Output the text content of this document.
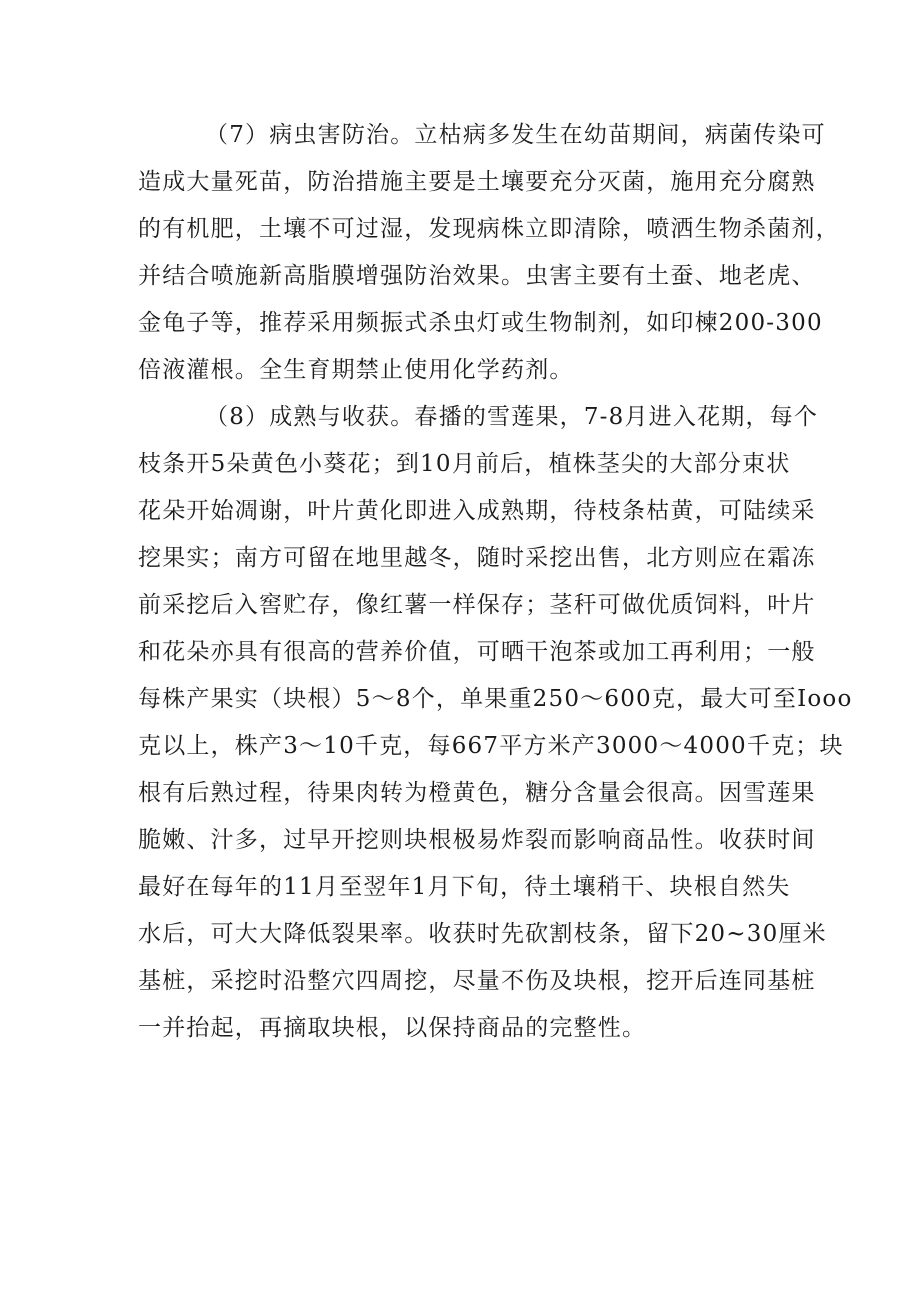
（7）病虫害防治。立枯病多发生在幼苗期间，病菌传染可
造成大量死苗，防治措施主要是土壤要充分灭菌，施用充分腐熟
的有机肥，土壤不可过湿，发现病株立即清除，喷洒生物杀菌剂，
并结合喷施新高脂膜增强防治效果。虫害主要有土蚕、地老虎、
金龟子等，推荐采用频振式杀虫灯或生物制剂，如印楝200-300
倍液灌根。全生育期禁止使用化学药剂。
（8）成熟与收获。春播的雪莲果，7-8月进入花期，每个
枝条开5朵黄色小葵花；到10月前后，植株茎尖的大部分束状
花朵开始凋谢，叶片黄化即进入成熟期，待枝条枯黄，可陆续采
挖果实；南方可留在地里越冬，随时采挖出售，北方则应在霜冻
前采挖后入窖贮存，像红薯一样保存；茎秆可做优质饲料，叶片
和花朵亦具有很高的营养价值，可晒干泡茶或加工再利用；一般
每株产果实（块根）5～8个，单果重250～600克，最大可至Iooo
克以上，株产3～10千克，每667平方米产3000～4000千克；块
根有后熟过程，待果肉转为橙黄色，糖分含量会很高。因雪莲果
脆嫩、汁多，过早开挖则块根极易炸裂而影响商品性。收获时间
最好在每年的11月至翌年1月下旬，待土壤稍干、块根自然失
水后，可大大降低裂果率。收获时先砍割枝条，留下20~30厘米
基桩，采挖时沿整穴四周挖，尽量不伤及块根，挖开后连同基桩
一并抬起，再摘取块根，以保持商品的完整性。
